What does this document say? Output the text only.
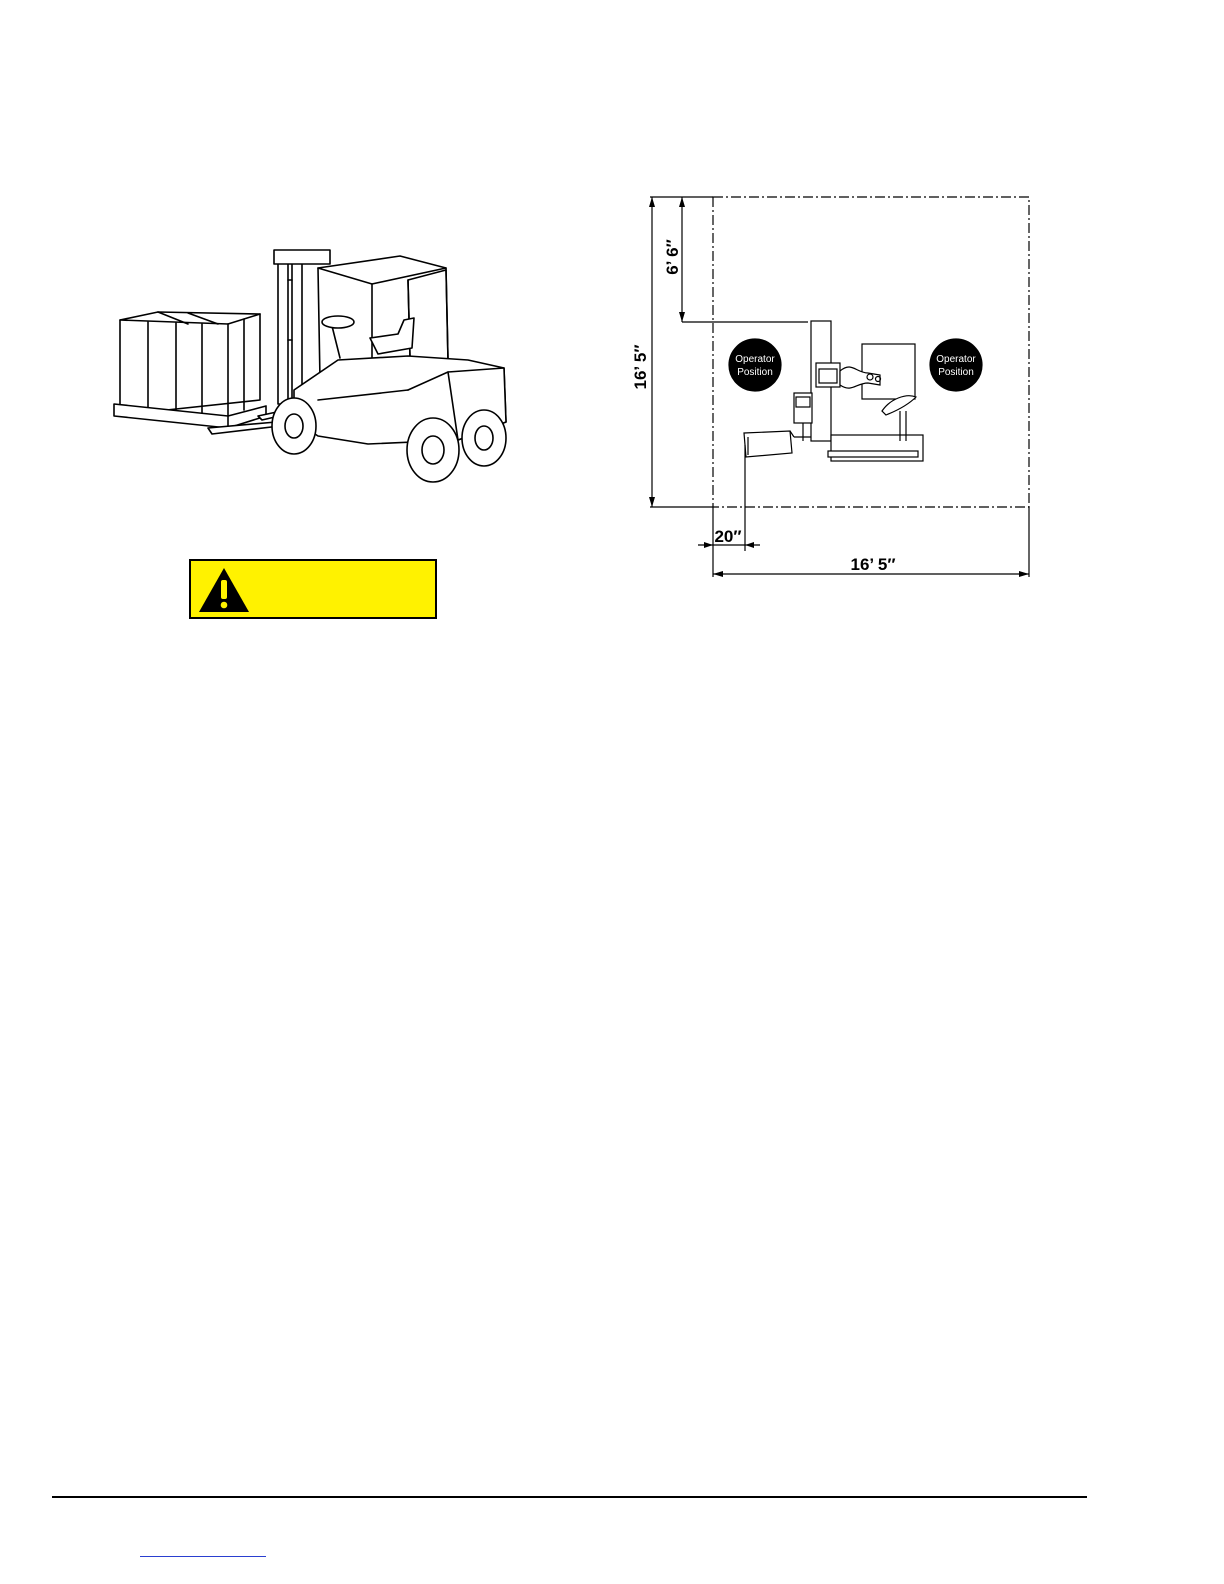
16’ 5″
6’ 6″
Operator
Position
Operator
Position
20″
16’ 5″
